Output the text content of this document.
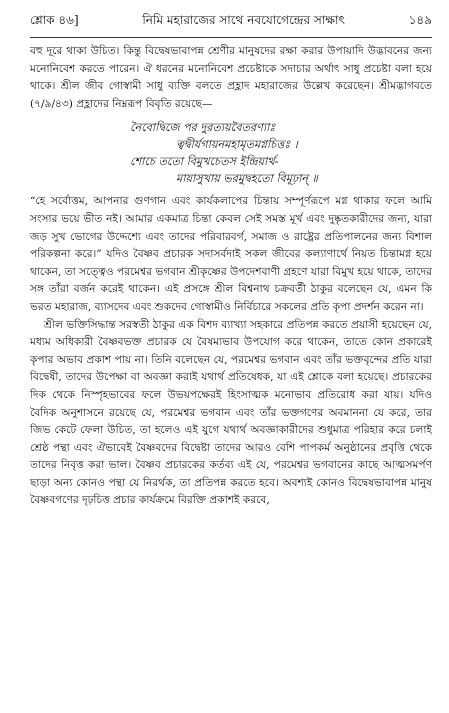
শ্লোক ৪৬]	নিমি মহারাজের সাথে নবযোগেন্দ্রের সাক্ষাৎ	১৪৯

বহু দূরে থাকা উচিত। কিন্তু বিদ্বেষভাবাপন্ন শ্রেণীর মানুষদের রক্ষা করার উপায়াদি উদ্ভাবনের জন্য মনোনিবেশ করতে পারেন। ঐ ধরনের মনোনিবেশ প্রচেষ্টাকে সদাচার অর্থাৎ সাধু প্রচেষ্টা বলা হয়ে থাকে। শ্রীল জীব গোস্বামী সাধু ব্যক্তি বলতে প্রহ্লাদ মহারাজের উল্লেখ করেছেন। শ্রীমদ্ভাগবতে (৭/৯/৪৩) প্রহ্লাদের নিম্নরূপ বিবৃতি রয়েছে—

নৈবোদ্বিজে পর দুরত্যয়বৈতরণ্যাঃ
ত্বদ্বীর্যগায়নমহামৃতমগ্নচিত্তঃ ।
শোচে ততো বিমুখচেতস ইন্দ্রিয়ার্থ-
মায়াসুখায় ভরমুদ্বহতো বিমূঢ়ান্‌ ॥

“হে সর্বোত্তম, আপনার গুণগান এবং কার্যকলাপের চিন্তায় সম্পূর্ণরূপে মগ্ন থাকার ফলে আমি সংসার ভয়ে ভীত নই। আমার একমাত্র চিন্তা কেবল সেই সমস্ত মূর্খ এবং দুষ্কৃতকারীদের জন্য, যারা জড় সুখ ভোগের উদ্দেশ্যে এবং তাদের পরিবারবর্গ, সমাজ ও রাষ্ট্রের প্রতিপালনের জন্য বিশাল পরিকল্পনা করে।” যদিও বৈষ্ণব প্রচারক সদাসর্বদাই সকল জীবের কল্যাণার্থে নিয়ত চিন্তামগ্ন হয়ে থাকেন, তা সত্ত্বেও পরমেশ্বর ভগবান শ্রীকৃষ্ণের উপদেশবাণী গ্রহণে যারা বিমুখ হয়ে থাকে, তাদের সঙ্গ তাঁরা বর্জন করেই থাকেন। এই প্রসঙ্গে শ্রীল বিশ্বনাথ চক্রবর্তী ঠাকুর বলেছেন যে, এমন কি ভরত মহারাজ, ব্যাসদেব এবং শুকদেব গোস্বামীও নির্বিচারে সকলের প্রতি কৃপা প্রদর্শন করেন না।

শ্রীল ভক্তিসিদ্ধান্ত সরস্বতী ঠাকুর এক বিশদ ব্যাখ্যা সহকারে প্রতিপন্ন করতে প্রয়াসী হয়েছেন যে, মধ্যম অধিকারী বৈষ্ণবভক্ত প্রচারক যে বৈষম্যভাব উপযোগ করে থাকেন, তাতে কোন প্রকারেই কৃপার অভাব প্রকাশ পায় না। তিনি বলেছেন যে, পরমেশ্বর ভগবান এবং তাঁর ভক্তবৃন্দের প্রতি যারা বিদ্বেষী, তাদের উপেক্ষা বা অবজ্ঞা করাই যথার্থ প্রতিষেধক, যা এই শ্লোকে বলা হয়েছে। প্রচারকের দিক থেকে নিস্পৃহভাবের ফলে উভয়পক্ষেরই হিংসাত্মক মনোভাব প্রতিরোধ করা যায়। যদিও বৈদিক অনুশাসনে রয়েছে যে, পরমেশ্বর ভগবান এবং তাঁর ভক্তগণের অবমাননা যে করে, তার জিভ কেটে ফেলা উচিত, তা হলেও এই যুগে যথার্থ অবজ্ঞাকারীদের শুধুমাত্র পরিহার করে চলাই শ্রেষ্ঠ পন্থা এবং ঐভাবেই বৈষ্ণবদের বিদ্বেষ্টা তাদের আরও বেশি পাপকর্ম অনুষ্ঠানের প্রবৃত্তি থেকে তাদের নিবৃত্ত করা ভাল। বৈষ্ণব প্রচারকের কর্তব্য এই যে, পরমেশ্বর ভগবানের কাছে আত্মসমর্পণ ছাড়া অন্য কোনও পন্থা যে নিরর্থক, তা প্রতিপন্ন করতে হবে। অবশ্যই কোনও বিদ্বেষভাবাপন্ন মানুষ বৈষ্ণবগণের দৃঢ়চিত্ত প্রচার কার্যক্রমে বিরক্তি প্রকাশই করবে,
